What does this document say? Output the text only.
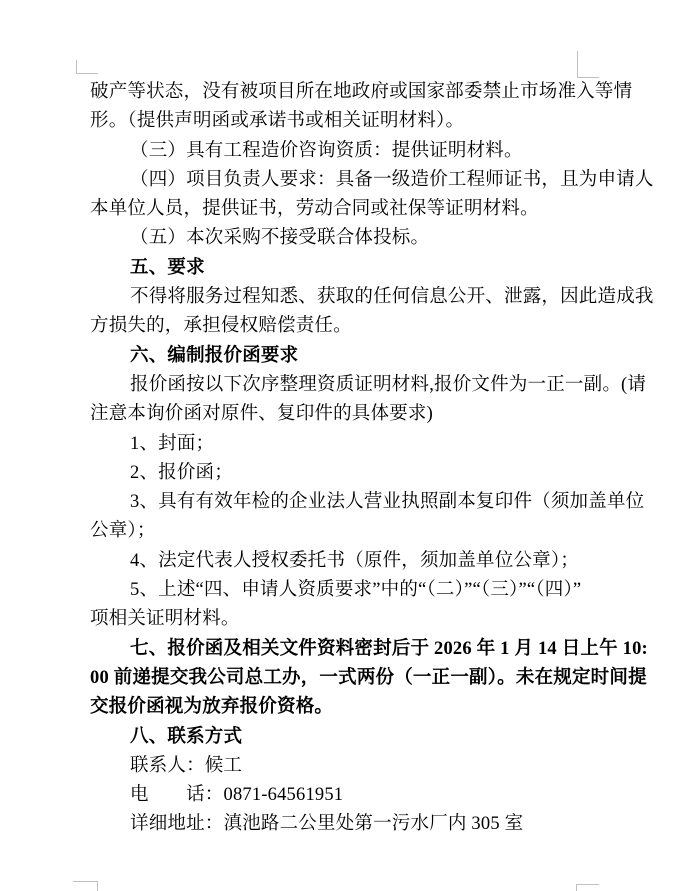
破产等状态，没有被项目所在地政府或国家部委禁止市场准入等情
形。（提供声明函或承诺书或相关证明材料）。
（三）具有工程造价咨询资质：提供证明材料。
（四）项目负责人要求：具备一级造价工程师证书，且为申请人
本单位人员，提供证书，劳动合同或社保等证明材料。
（五）本次采购不接受联合体投标。
五、要求
不得将服务过程知悉、获取的任何信息公开、泄露，因此造成我
方损失的，承担侵权赔偿责任。
六、编制报价函要求
报价函按以下次序整理资质证明材料,报价文件为一正一副。(请
注意本询价函对原件、复印件的具体要求)
1、封面；
2、报价函；
3、具有有效年检的企业法人营业执照副本复印件（须加盖单位
公章）；
4、法定代表人授权委托书（原件，须加盖单位公章）；
5、上述“四、申请人资质要求”中的“（二）”“（三）”“（四）”
项相关证明材料。
七、报价函及相关文件资料密封后于 2026 年 1 月 14 日上午 10:
00 前递提交我公司总工办，一式两份（一正一副）。未在规定时间提
交报价函视为放弃报价资格。
八、联系方式
联系人：候工
电　　话：0871-64561951
详细地址：滇池路二公里处第一污水厂内 305 室
